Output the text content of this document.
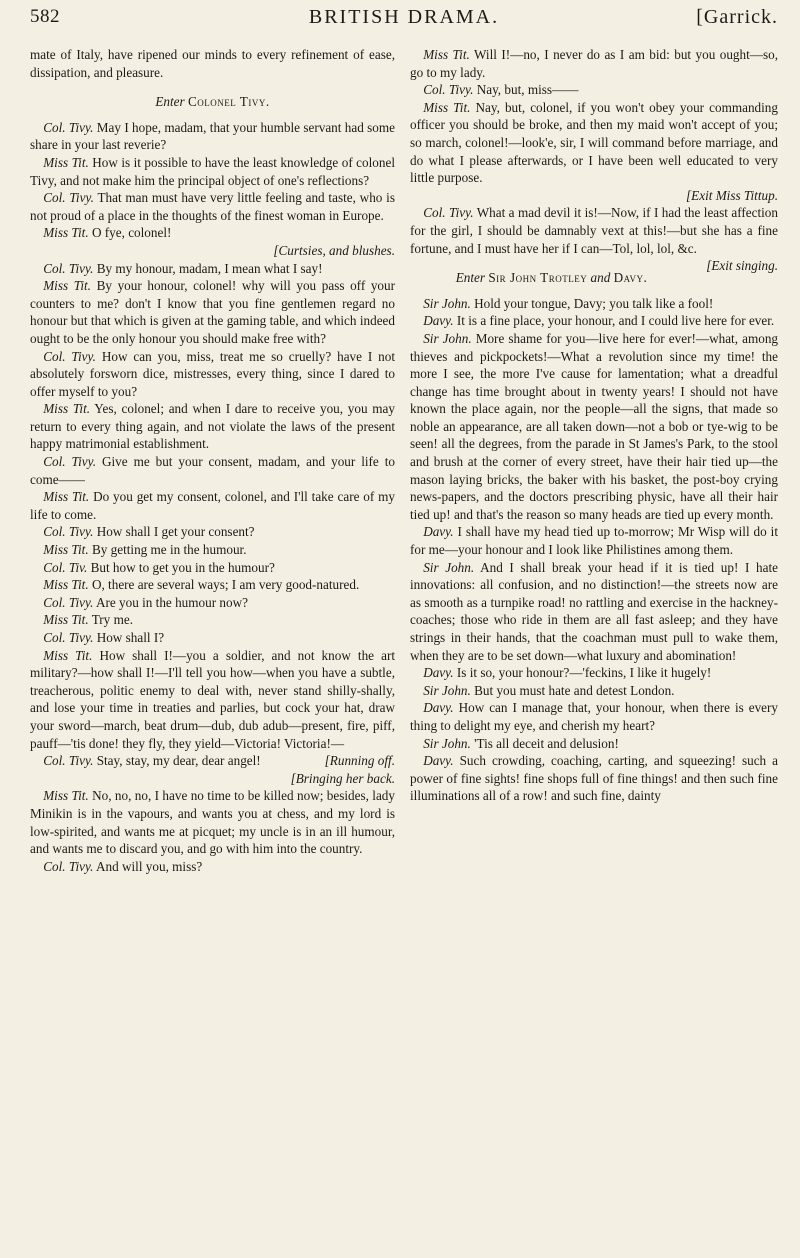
582	BRITISH DRAMA.	[Garrick.

mate of Italy, have ripened our minds to every refinement of ease, dissipation, and pleasure.

Enter Colonel Tivy.

Col. Tivy. May I hope, madam, that your humble servant had some share in your last reverie?

Miss Tit. How is it possible to have the least knowledge of colonel Tivy, and not make him the principal object of one's reflections?

Col. Tivy. That man must have very little feeling and taste, who is not proud of a place in the thoughts of the finest woman in Europe.

Miss Tit. O fye, colonel!

[Curtsies, and blushes.

Col. Tivy. By my honour, madam, I mean what I say!

Miss Tit. By your honour, colonel! why will you pass off your counters to me? don't I know that you fine gentlemen regard no honour but that which is given at the gaming table, and which indeed ought to be the only honour you should make free with?

Col. Tivy. How can you, miss, treat me so cruelly? have I not absolutely forsworn dice, mistresses, every thing, since I dared to offer myself to you?

Miss Tit. Yes, colonel; and when I dare to receive you, you may return to every thing again, and not violate the laws of the present happy matrimonial establishment.

Col. Tivy. Give me but your consent, madam, and your life to come——

Miss Tit. Do you get my consent, colonel, and I'll take care of my life to come.

Col. Tivy. How shall I get your consent?

Miss Tit. By getting me in the humour.

Col. Tiv. But how to get you in the humour?

Miss Tit. O, there are several ways; I am very good-natured.

Col. Tivy. Are you in the humour now?

Miss Tit. Try me.

Col. Tivy. How shall I?

Miss Tit. How shall I!—you a soldier, and not know the art military?—how shall I!—I'll tell you how—when you have a subtle, treacherous, politic enemy to deal with, never stand shilly-shally, and lose your time in treaties and parlies, but cock your hat, draw your sword—march, beat drum—dub, dub adub—present, fire, piff, pauff—'tis done! they fly, they yield—Victoria! Victoria!—
[Running off.

Col. Tivy. Stay, stay, my dear, dear angel!

[Bringing her back.

Miss Tit. No, no, no, I have no time to be killed now; besides, lady Minikin is in the vapours, and wants you at chess, and my lord is low-spirited, and wants me at picquet; my uncle is in an ill humour, and wants me to discard you, and go with him into the country.

Col. Tivy. And will you, miss?

Miss Tit. Will I!—no, I never do as I am bid: but you ought—so, go to my lady.

Col. Tivy. Nay, but, miss——

Miss Tit. Nay, but, colonel, if you won't obey your commanding officer you should be broke, and then my maid won't accept of you; so march, colonel!—look'e, sir, I will command before marriage, and do what I please afterwards, or I have been well educated to very little purpose.

[Exit Miss Tittup.

Col. Tivy. What a mad devil it is!—Now, if I had the least affection for the girl, I should be damnably vext at this!—but she has a fine fortune, and I must have her if I can—Tol, lol, lol, &c.
[Exit singing.

Enter Sir John Trotley and Davy.

Sir John. Hold your tongue, Davy; you talk like a fool!

Davy. It is a fine place, your honour, and I could live here for ever.

Sir John. More shame for you—live here for ever!—what, among thieves and pickpockets!—What a revolution since my time! the more I see, the more I've cause for lamentation; what a dreadful change has time brought about in twenty years! I should not have known the place again, nor the people—all the signs, that made so noble an appearance, are all taken down—not a bob or tye-wig to be seen! all the degrees, from the parade in St James's Park, to the stool and brush at the corner of every street, have their hair tied up—the mason laying bricks, the baker with his basket, the post-boy crying news-papers, and the doctors prescribing physic, have all their hair tied up! and that's the reason so many heads are tied up every month.

Davy. I shall have my head tied up to-morrow; Mr Wisp will do it for me—your honour and I look like Philistines among them.

Sir John. And I shall break your head if it is tied up! I hate innovations: all confusion, and no distinction!—the streets now are as smooth as a turnpike road! no rattling and exercise in the hackney-coaches; those who ride in them are all fast asleep; and they have strings in their hands, that the coachman must pull to wake them, when they are to be set down—what luxury and abomination!

Davy. Is it so, your honour?—'feckins, I like it hugely!

Sir John. But you must hate and detest London.

Davy. How can I manage that, your honour, when there is every thing to delight my eye, and cherish my heart?

Sir John. 'Tis all deceit and delusion!

Davy. Such crowding, coaching, carting, and squeezing! such a power of fine sights! fine shops full of fine things! and then such fine illuminations all of a row! and such fine, dainty
